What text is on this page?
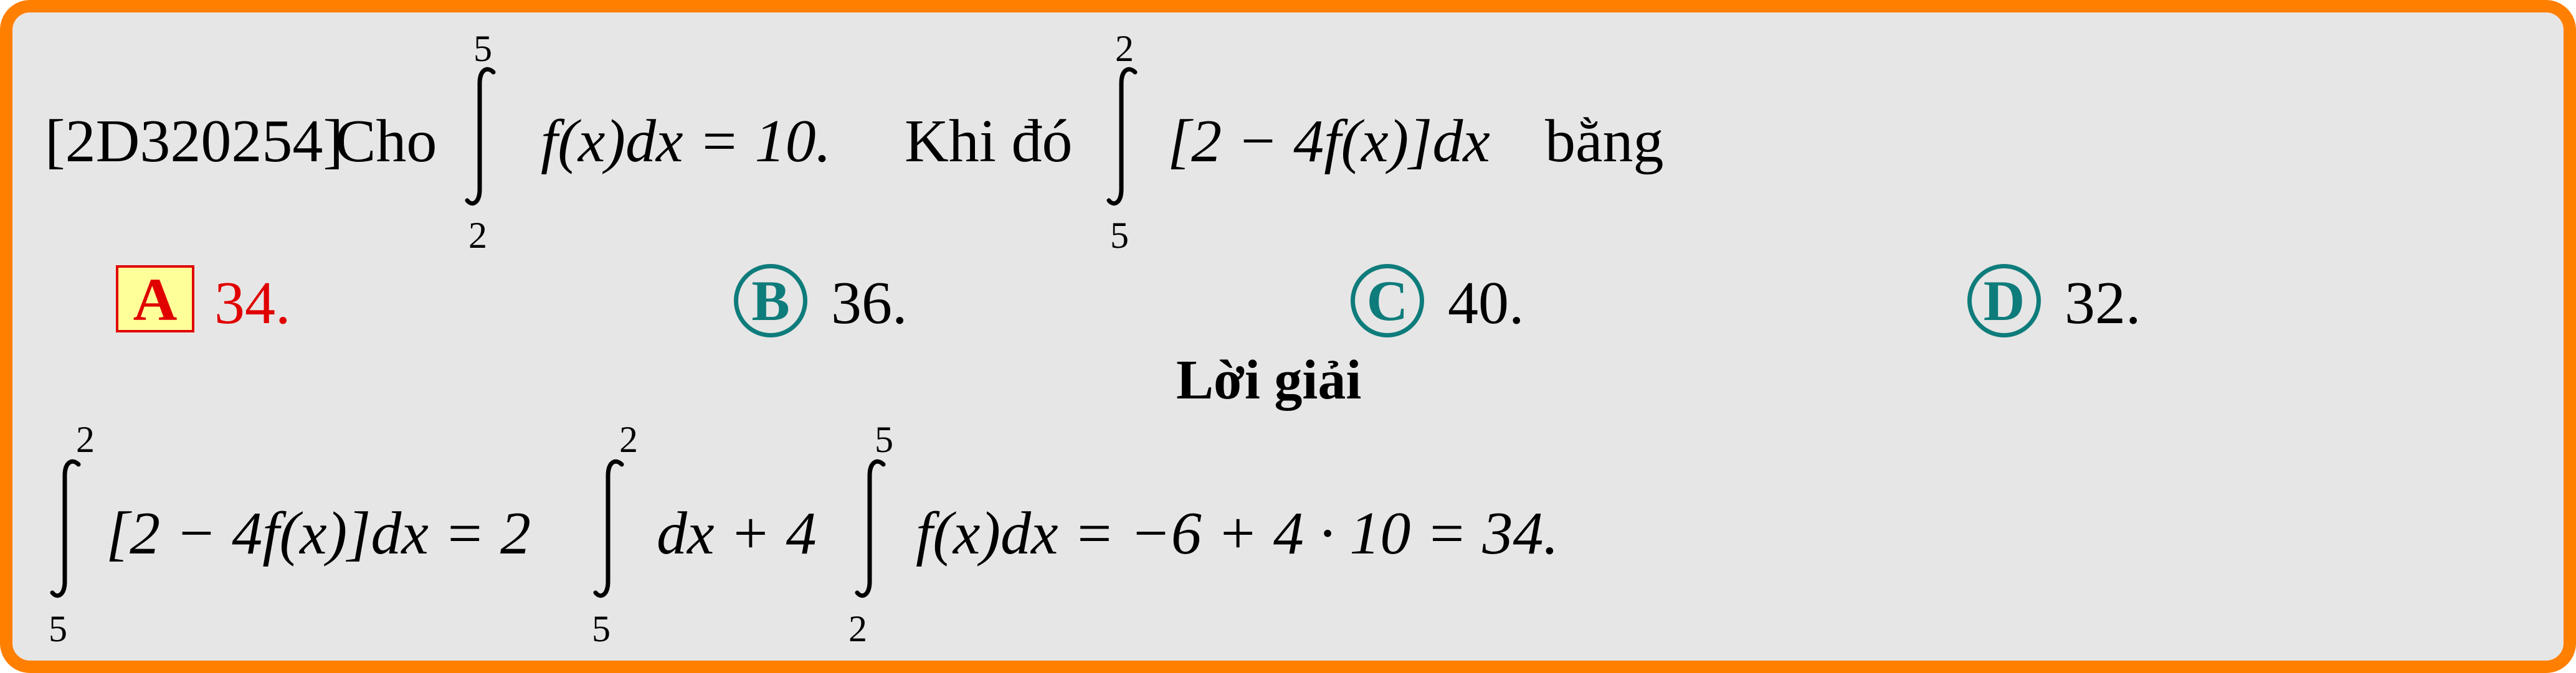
[2D320254]
Cho
5
2
f(x)dx = 10. Khi đó
2
5
[2 − 4f(x)]dx bằng
A 34.	B 36.	C 40.	D 32.
Lời giải
2
5
[2 − 4f(x)]dx = 2
2
5
dx + 4
5
2
f(x)dx = −6 + 4 · 10 = 34.
